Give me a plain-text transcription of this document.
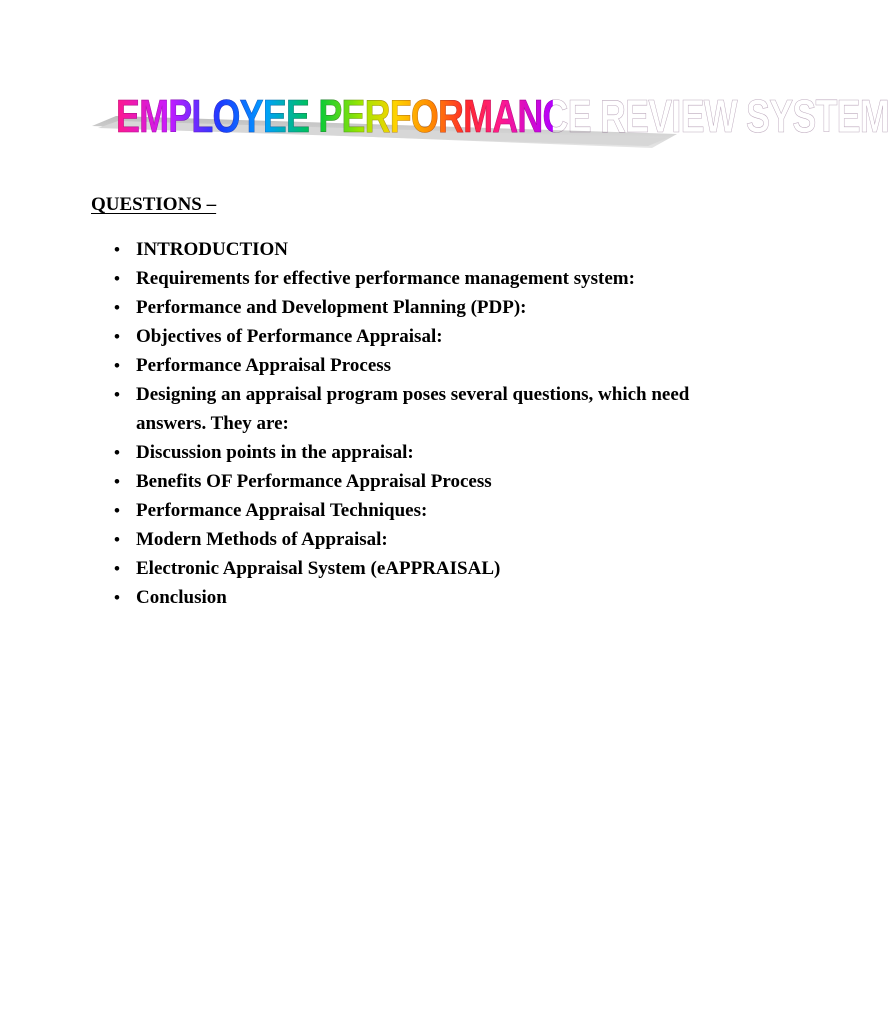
EMPLOYEE PERFORMANCE REVIEW SYSTEM
QUESTIONS –
• INTRODUCTION
• Requirements for effective performance management system:
• Performance and Development Planning (PDP):
• Objectives of Performance Appraisal:
• Performance Appraisal Process
• Designing an appraisal program poses several questions, which need answers. They are:
• Discussion points in the appraisal:
• Benefits OF Performance Appraisal Process
• Performance Appraisal Techniques:
• Modern Methods of Appraisal:
• Electronic Appraisal System (eAPPRAISAL)
• Conclusion
